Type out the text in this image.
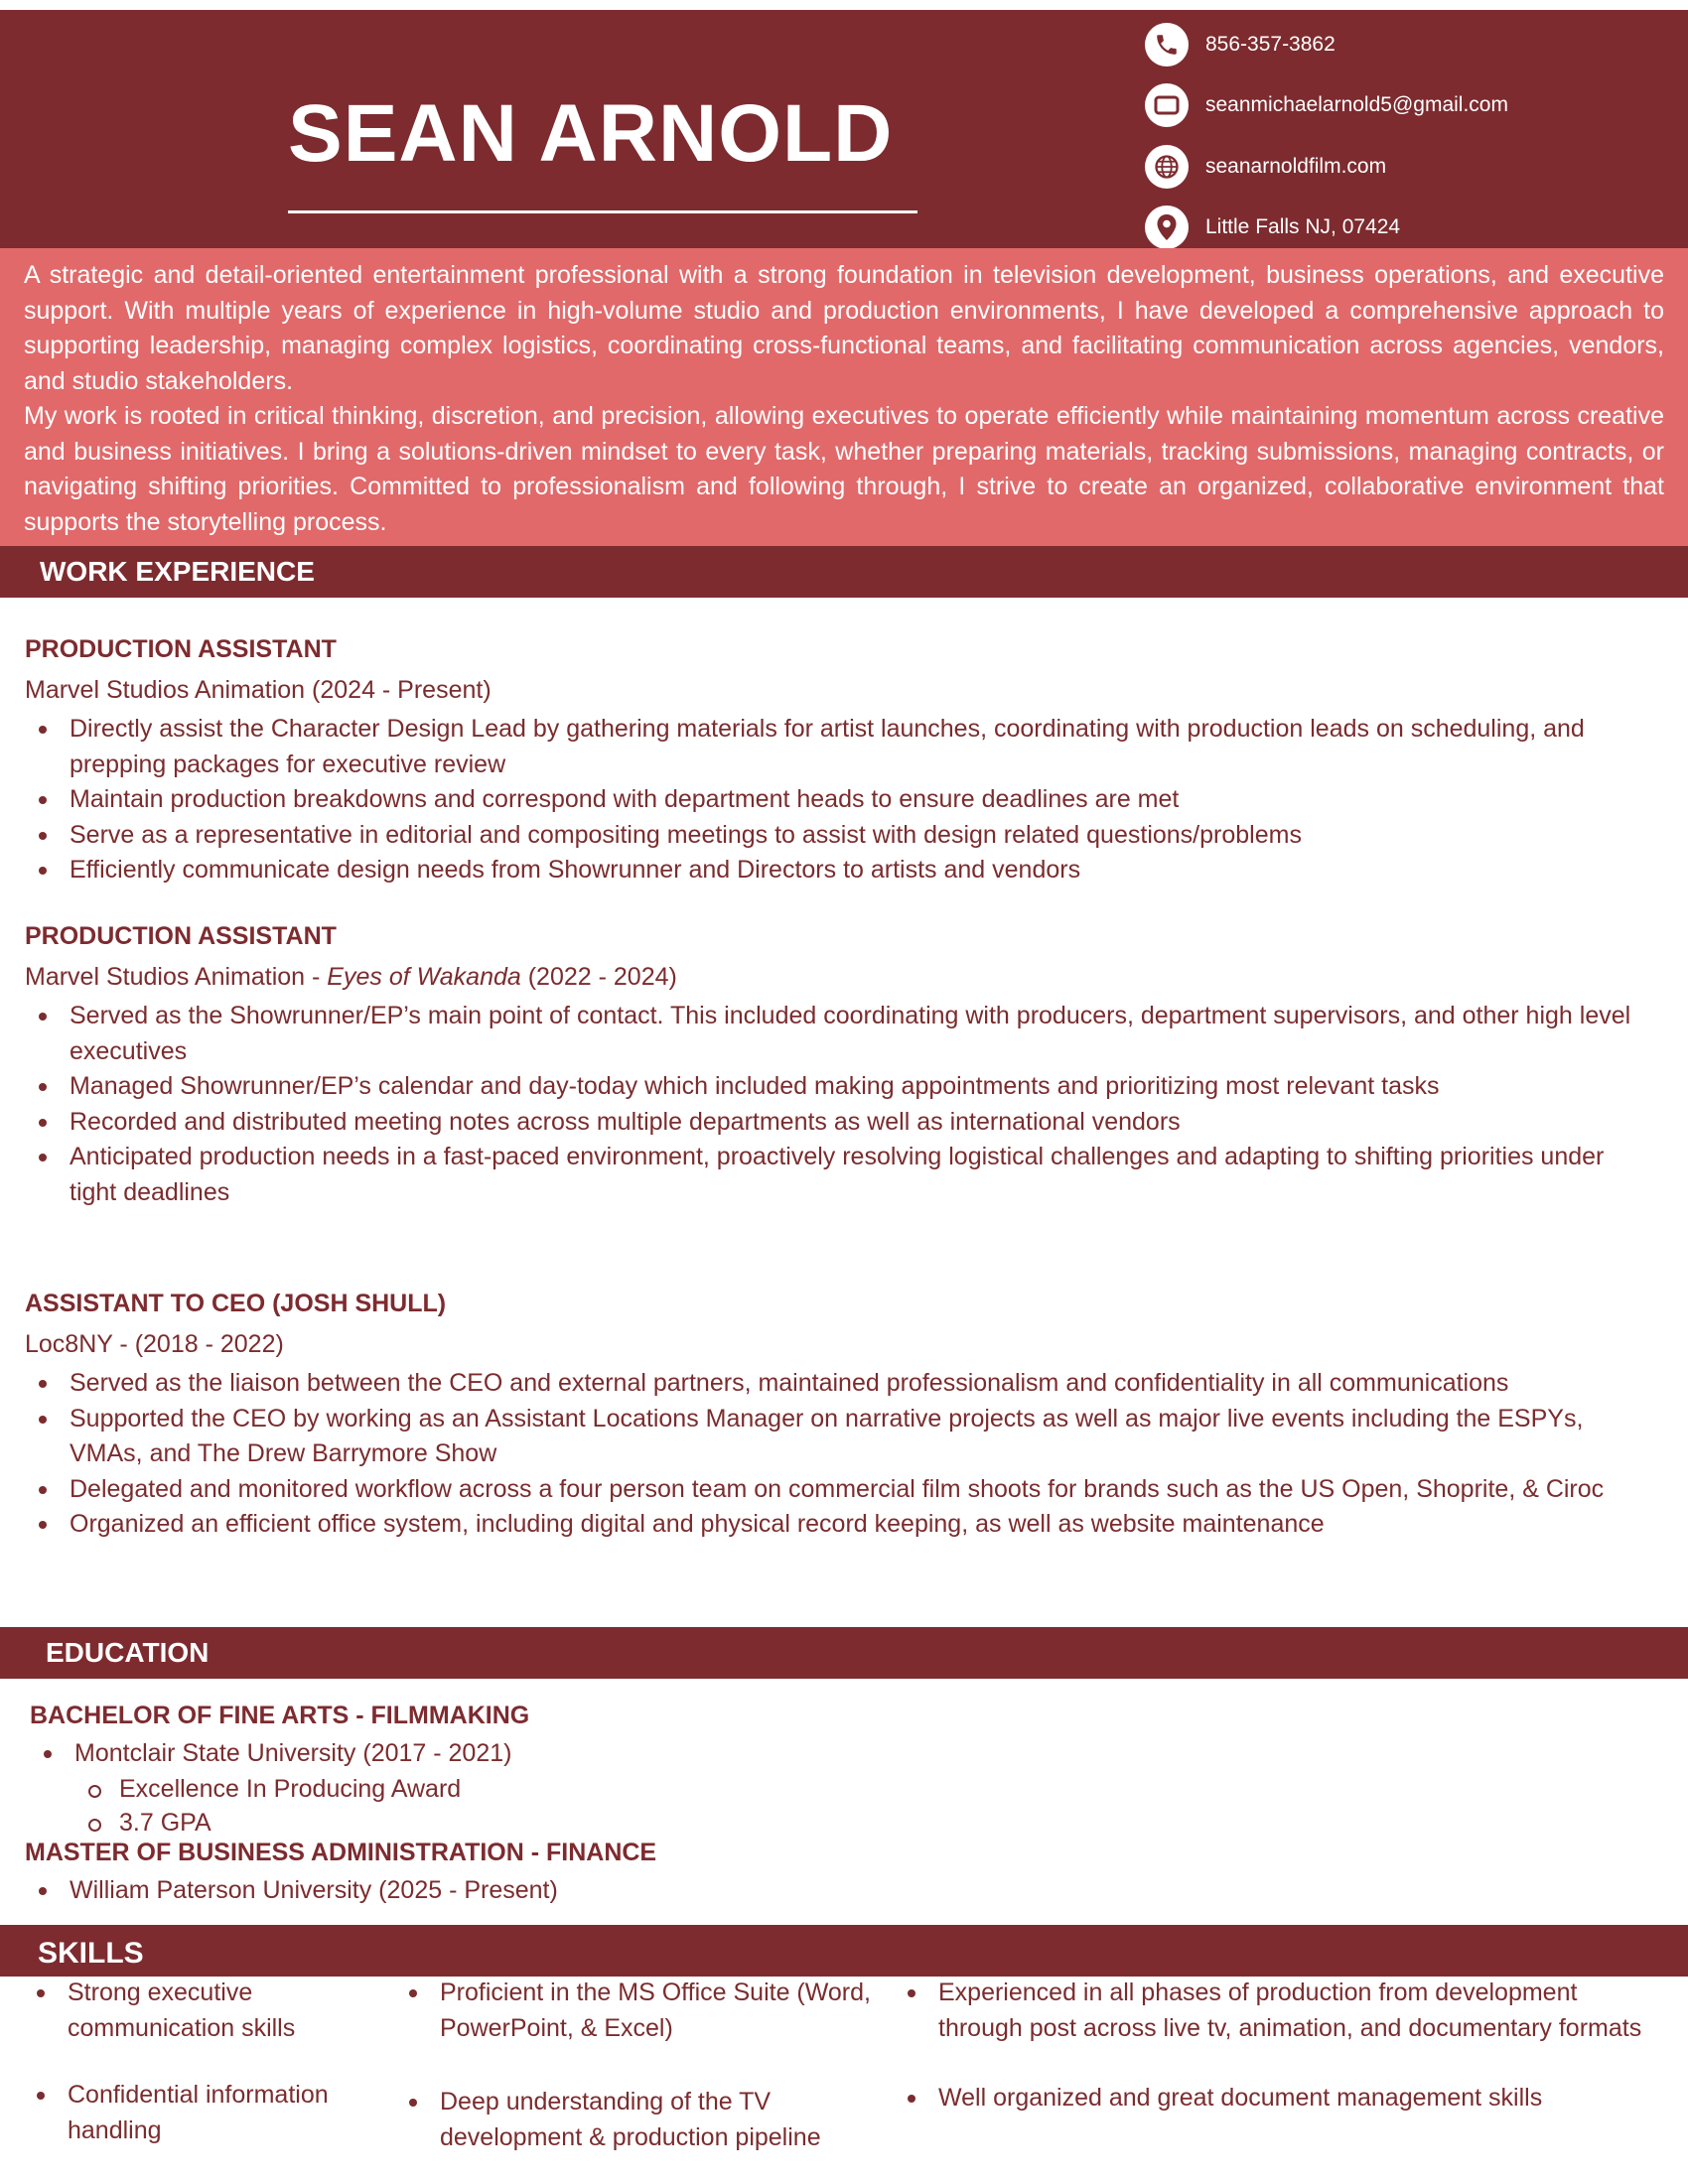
SEAN ARNOLD
856-357-3862
seanmichaelarnold5@gmail.com
seanarnoldfilm.com
Little Falls NJ, 07424

A strategic and detail-oriented entertainment professional with a strong foundation in television development, business operations, and executive support. With multiple years of experience in high-volume studio and production environments, I have developed a comprehensive approach to supporting leadership, managing complex logistics, coordinating cross-functional teams, and facilitating communication across agencies, vendors, and studio stakeholders.

My work is rooted in critical thinking, discretion, and precision, allowing executives to operate efficiently while maintaining momentum across creative and business initiatives. I bring a solutions-driven mindset to every task, whether preparing materials, tracking submissions, managing contracts, or navigating shifting priorities. Committed to professionalism and following through, I strive to create an organized, collaborative environment that supports the storytelling process.

WORK EXPERIENCE
PRODUCTION ASSISTANT
Marvel Studios Animation (2024 - Present)
Directly assist the Character Design Lead by gathering materials for artist launches, coordinating with production leads on scheduling, and prepping packages for executive review
Maintain production breakdowns and correspond with department heads to ensure deadlines are met
Serve as a representative in editorial and compositing meetings to assist with design related questions/problems
Efficiently communicate design needs from Showrunner and Directors to artists and vendors
PRODUCTION ASSISTANT
Marvel Studios Animation - Eyes of Wakanda (2022 - 2024)
Served as the Showrunner/EP’s main point of contact. This included coordinating with producers, department supervisors, and other high level executives
Managed Showrunner/EP’s calendar and day-today which included making appointments and prioritizing most relevant tasks
Recorded and distributed meeting notes across multiple departments as well as international vendors
Anticipated production needs in a fast-paced environment, proactively resolving logistical challenges and adapting to shifting priorities under tight deadlines
ASSISTANT TO CEO (JOSH SHULL)
Loc8NY - (2018 - 2022)
Served as the liaison between the CEO and external partners, maintained professionalism and confidentiality in all communications
Supported the CEO by working as an Assistant Locations Manager on narrative projects as well as major live events including the ESPYs, VMAs, and The Drew Barrymore Show
Delegated and monitored workflow across a four person team on commercial film shoots for brands such as the US Open, Shoprite, & Ciroc
Organized an efficient office system, including digital and physical record keeping, as well as website maintenance
EDUCATION
BACHELOR OF FINE ARTS - FILMMAKING
Montclair State University (2017 - 2021)
Excellence In Producing Award
3.7 GPA
MASTER OF BUSINESS ADMINISTRATION - FINANCE
William Paterson University (2025 - Present)
SKILLS
Strong executive communication skills
Confidential information handling
Proficient in the MS Office Suite (Word, PowerPoint, & Excel)
Deep understanding of the TV development & production pipeline
Experienced in all phases of production from development through post across live tv, animation, and documentary formats
Well organized and great document management skills
